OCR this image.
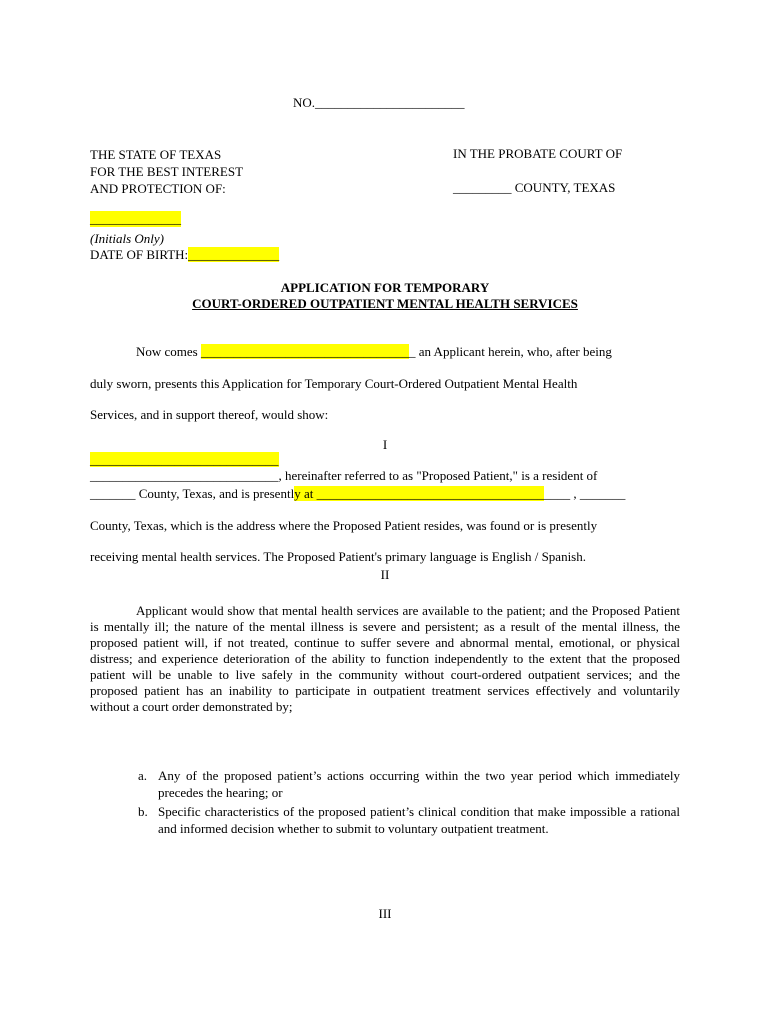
NO._______________________
THE STATE OF TEXAS
FOR THE BEST INTEREST
AND PROTECTION OF:
IN THE PROBATE COURT OF
_________ COUNTY, TEXAS
______________
(Initials Only)
DATE OF BIRTH:______________
APPLICATION FOR TEMPORARY
COURT-ORDERED OUTPATIENT MENTAL HEALTH SERVICES
Now comes _________________________________ an Applicant herein, who, after being
duly sworn, presents this Application for Temporary Court-Ordered Outpatient Mental Health
Services, and in support thereof, would show:
I
_____________________________
_____________________________, hereinafter referred to as "Proposed Patient," is a resident of
_______ County, Texas, and is presently at _______________________________________ , _______
County, Texas, which is the address where the Proposed Patient resides, was found or is presently
receiving mental health services. The Proposed Patient's primary language is English / Spanish.
II
Applicant would show that mental health services are available to the patient; and the Proposed Patient is mentally ill; the nature of the mental illness is severe and persistent; as a result of the mental illness, the proposed patient will, if not treated, continue to suffer severe and abnormal mental, emotional, or physical distress; and experience deterioration of the ability to function independently to the extent that the proposed patient will be unable to live safely in the community without court-ordered outpatient services; and the proposed patient has an inability to participate in outpatient treatment services effectively and voluntarily without a court order demonstrated by;
a. Any of the proposed patient’s actions occurring within the two year period which immediately precedes the hearing; or
b. Specific characteristics of the proposed patient’s clinical condition that make impossible a rational and informed decision whether to submit to voluntary outpatient treatment.
III
